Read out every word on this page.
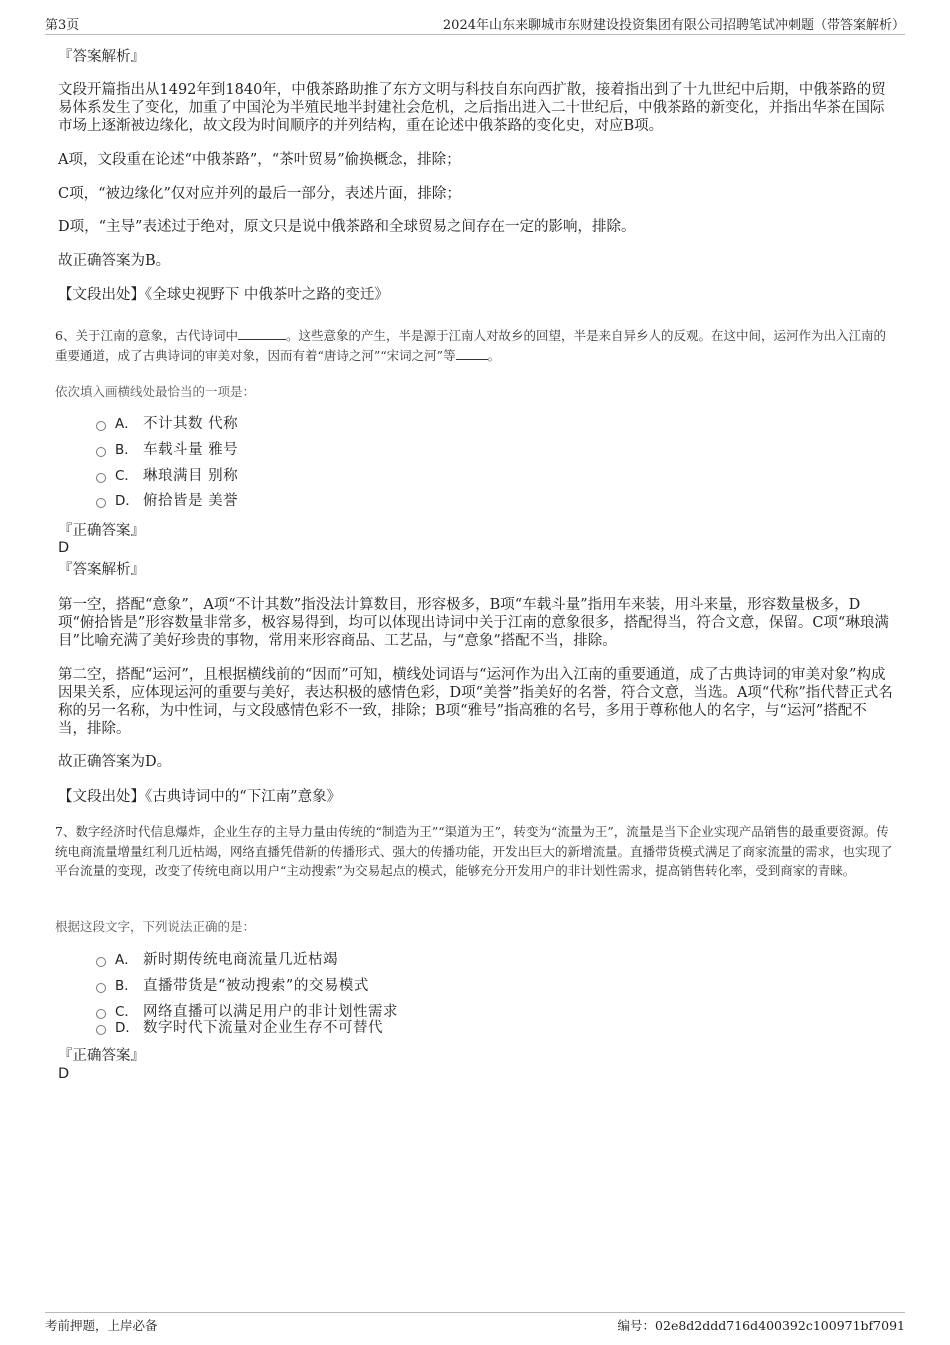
第3页	2024年山东来聊城市东财建设投资集团有限公司招聘笔试冲刺题（带答案解析）

『答案解析』

文段开篇指出从1492年到1840年，中俄茶路助推了东方文明与科技自东向西扩散，接着指出到了十九世纪中后期，中俄茶路的贸易体系发生了变化，加重了中国沦为半殖民地半封建社会危机，之后指出进入二十世纪后，中俄茶路的新变化，并指出华茶在国际市场上逐渐被边缘化，故文段为时间顺序的并列结构，重在论述中俄茶路的变化史，对应B项。

A项，文段重在论述“中俄茶路”，“茶叶贸易”偷换概念，排除；

C项，“被边缘化”仅对应并列的最后一部分，表述片面，排除；

D项，“主导”表述过于绝对，原文只是说中俄茶路和全球贸易之间存在一定的影响，排除。

故正确答案为B。

【文段出处】《全球史视野下 中俄茶叶之路的变迁》

6、关于江南的意象，古代诗词中	。这些意象的产生，半是源于江南人对故乡的回望，半是来自异乡人的反观。在这中间，运河作为出入江南的重要通道，成了古典诗词的审美对象，因而有着“唐诗之河”“宋词之河”等	。

依次填入画横线处最恰当的一项是：

A． 不计其数 代称
B． 车载斗量 雅号
C． 琳琅满目 别称
D． 俯拾皆是 美誉

『正确答案』

D

『答案解析』

第一空，搭配“意象”，A项“不计其数”指没法计算数目，形容极多，B项“车载斗量”指用车来装，用斗来量，形容数量极多，D项“俯拾皆是”形容数量非常多，极容易得到，均可以体现出诗词中关于江南的意象很多，搭配得当，符合文意，保留。C项“琳琅满目”比喻充满了美好珍贵的事物，常用来形容商品、工艺品，与“意象”搭配不当，排除。

第二空，搭配“运河”，且根据横线前的“因而”可知，横线处词语与“运河作为出入江南的重要通道，成了古典诗词的审美对象”构成因果关系，应体现运河的重要与美好，表达积极的感情色彩，D项“美誉”指美好的名誉，符合文意，当选。A项“代称”指代替正式名称的另一名称，为中性词，与文段感情色彩不一致，排除；B项“雅号”指高雅的名号，多用于尊称他人的名字，与“运河”搭配不当，排除。

故正确答案为D。

【文段出处】《古典诗词中的“下江南”意象》

7、数字经济时代信息爆炸，企业生存的主导力量由传统的“制造为王”“渠道为王”，转变为“流量为王”，流量是当下企业实现产品销售的最重要资源。传统电商流量增量红利几近枯竭，网络直播凭借新的传播形式、强大的传播功能，开发出巨大的新增流量。直播带货模式满足了商家流量的需求，也实现了平台流量的变现，改变了传统电商以用户“主动搜索”为交易起点的模式，能够充分开发用户的非计划性需求，提高销售转化率，受到商家的青睐。

根据这段文字，下列说法正确的是：

A． 新时期传统电商流量几近枯竭
B． 直播带货是“被动搜索”的交易模式
C． 网络直播可以满足用户的非计划性需求
D． 数字时代下流量对企业生存不可替代

『正确答案』

D
考前押题，上岸必备	编号：02e8d2ddd716d400392c100971bf7091
